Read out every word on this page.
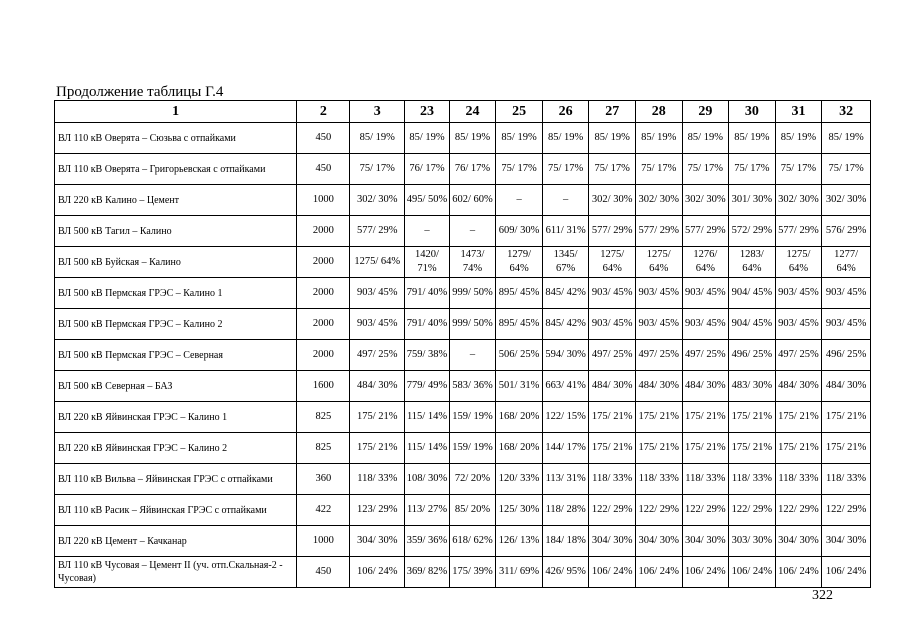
Продолжение таблицы Г.4
1	2	3	23	24	25	26	27	28	29	30	31	32
ВЛ 110 кВ Оверята – Сюзьва с отпайками	450	85/ 19%	85/ 19%	85/ 19%	85/ 19%	85/ 19%	85/ 19%	85/ 19%	85/ 19%	85/ 19%	85/ 19%	85/ 19%
ВЛ 110 кВ Оверята – Григорьевская с отпайками	450	75/ 17%	76/ 17%	76/ 17%	75/ 17%	75/ 17%	75/ 17%	75/ 17%	75/ 17%	75/ 17%	75/ 17%	75/ 17%
ВЛ 220 кВ Калино – Цемент	1000	302/ 30%	495/ 50%	602/ 60%	–	–	302/ 30%	302/ 30%	302/ 30%	301/ 30%	302/ 30%	302/ 30%
ВЛ 500 кВ Тагил – Калино	2000	577/ 29%	–	–	609/ 30%	611/ 31%	577/ 29%	577/ 29%	577/ 29%	572/ 29%	577/ 29%	576/ 29%
ВЛ 500 кВ Буйская – Калино	2000	1275/ 64%	1420/ 71%	1473/ 74%	1279/ 64%	1345/ 67%	1275/ 64%	1275/ 64%	1276/ 64%	1283/ 64%	1275/ 64%	1277/ 64%
ВЛ 500 кВ Пермская ГРЭС – Калино 1	2000	903/ 45%	791/ 40%	999/ 50%	895/ 45%	845/ 42%	903/ 45%	903/ 45%	903/ 45%	904/ 45%	903/ 45%	903/ 45%
ВЛ 500 кВ Пермская ГРЭС – Калино 2	2000	903/ 45%	791/ 40%	999/ 50%	895/ 45%	845/ 42%	903/ 45%	903/ 45%	903/ 45%	904/ 45%	903/ 45%	903/ 45%
ВЛ 500 кВ Пермская ГРЭС – Северная	2000	497/ 25%	759/ 38%	–	506/ 25%	594/ 30%	497/ 25%	497/ 25%	497/ 25%	496/ 25%	497/ 25%	496/ 25%
ВЛ 500 кВ Северная – БАЗ	1600	484/ 30%	779/ 49%	583/ 36%	501/ 31%	663/ 41%	484/ 30%	484/ 30%	484/ 30%	483/ 30%	484/ 30%	484/ 30%
ВЛ 220 кВ Яйвинская ГРЭС – Калино 1	825	175/ 21%	115/ 14%	159/ 19%	168/ 20%	122/ 15%	175/ 21%	175/ 21%	175/ 21%	175/ 21%	175/ 21%	175/ 21%
ВЛ 220 кВ Яйвинская ГРЭС – Калино 2	825	175/ 21%	115/ 14%	159/ 19%	168/ 20%	144/ 17%	175/ 21%	175/ 21%	175/ 21%	175/ 21%	175/ 21%	175/ 21%
ВЛ 110 кВ Вильва – Яйвинская ГРЭС с отпайками	360	118/ 33%	108/ 30%	72/ 20%	120/ 33%	113/ 31%	118/ 33%	118/ 33%	118/ 33%	118/ 33%	118/ 33%	118/ 33%
ВЛ 110 кВ Расик – Яйвинская ГРЭС с отпайками	422	123/ 29%	113/ 27%	85/ 20%	125/ 30%	118/ 28%	122/ 29%	122/ 29%	122/ 29%	122/ 29%	122/ 29%	122/ 29%
ВЛ 220 кВ Цемент – Качканар	1000	304/ 30%	359/ 36%	618/ 62%	126/ 13%	184/ 18%	304/ 30%	304/ 30%	304/ 30%	303/ 30%	304/ 30%	304/ 30%
ВЛ 110 кВ Чусовая – Цемент II (уч. отп.Скальная-2 - Чусовая)	450	106/ 24%	369/ 82%	175/ 39%	311/ 69%	426/ 95%	106/ 24%	106/ 24%	106/ 24%	106/ 24%	106/ 24%	106/ 24%
322
